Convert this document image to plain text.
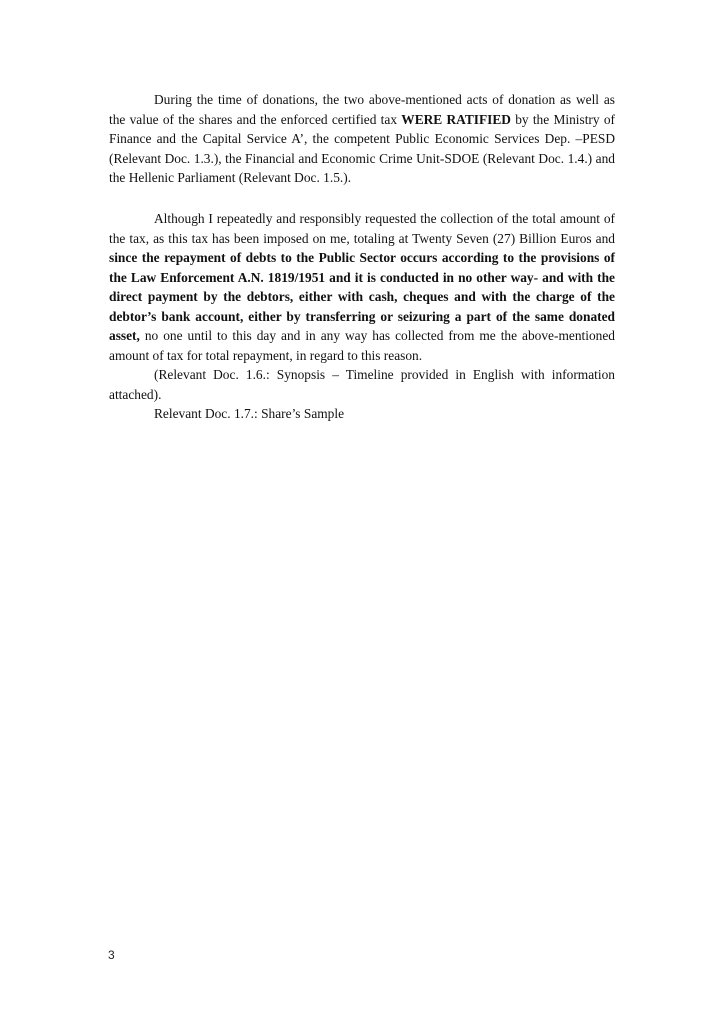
During the time of donations, the two above-mentioned acts of donation as well as the value of the shares and the enforced certified tax WERE RATIFIED by the Ministry of Finance and the Capital Service A’, the competent Public Economic Services Dep. –PESD (Relevant Doc. 1.3.), the Financial and Economic Crime Unit-SDOE (Relevant Doc. 1.4.) and the Hellenic Parliament (Relevant Doc. 1.5.).

Although I repeatedly and responsibly requested the collection of the total amount of the tax, as this tax has been imposed on me, totaling at Twenty Seven (27) Billion Euros and since the repayment of debts to the Public Sector occurs according to the provisions of the Law Enforcement A.N. 1819/1951 and it is conducted in no other way- and with the direct payment by the debtors, either with cash, cheques and with the charge of the debtor’s bank account, either by transferring or seizuring a part of the same donated asset, no one until to this day and in any way has collected from me the above-mentioned amount of tax for total repayment, in regard to this reason.

(Relevant Doc. 1.6.: Synopsis – Timeline provided in English with information attached).

Relevant Doc. 1.7.: Share’s Sample

3
